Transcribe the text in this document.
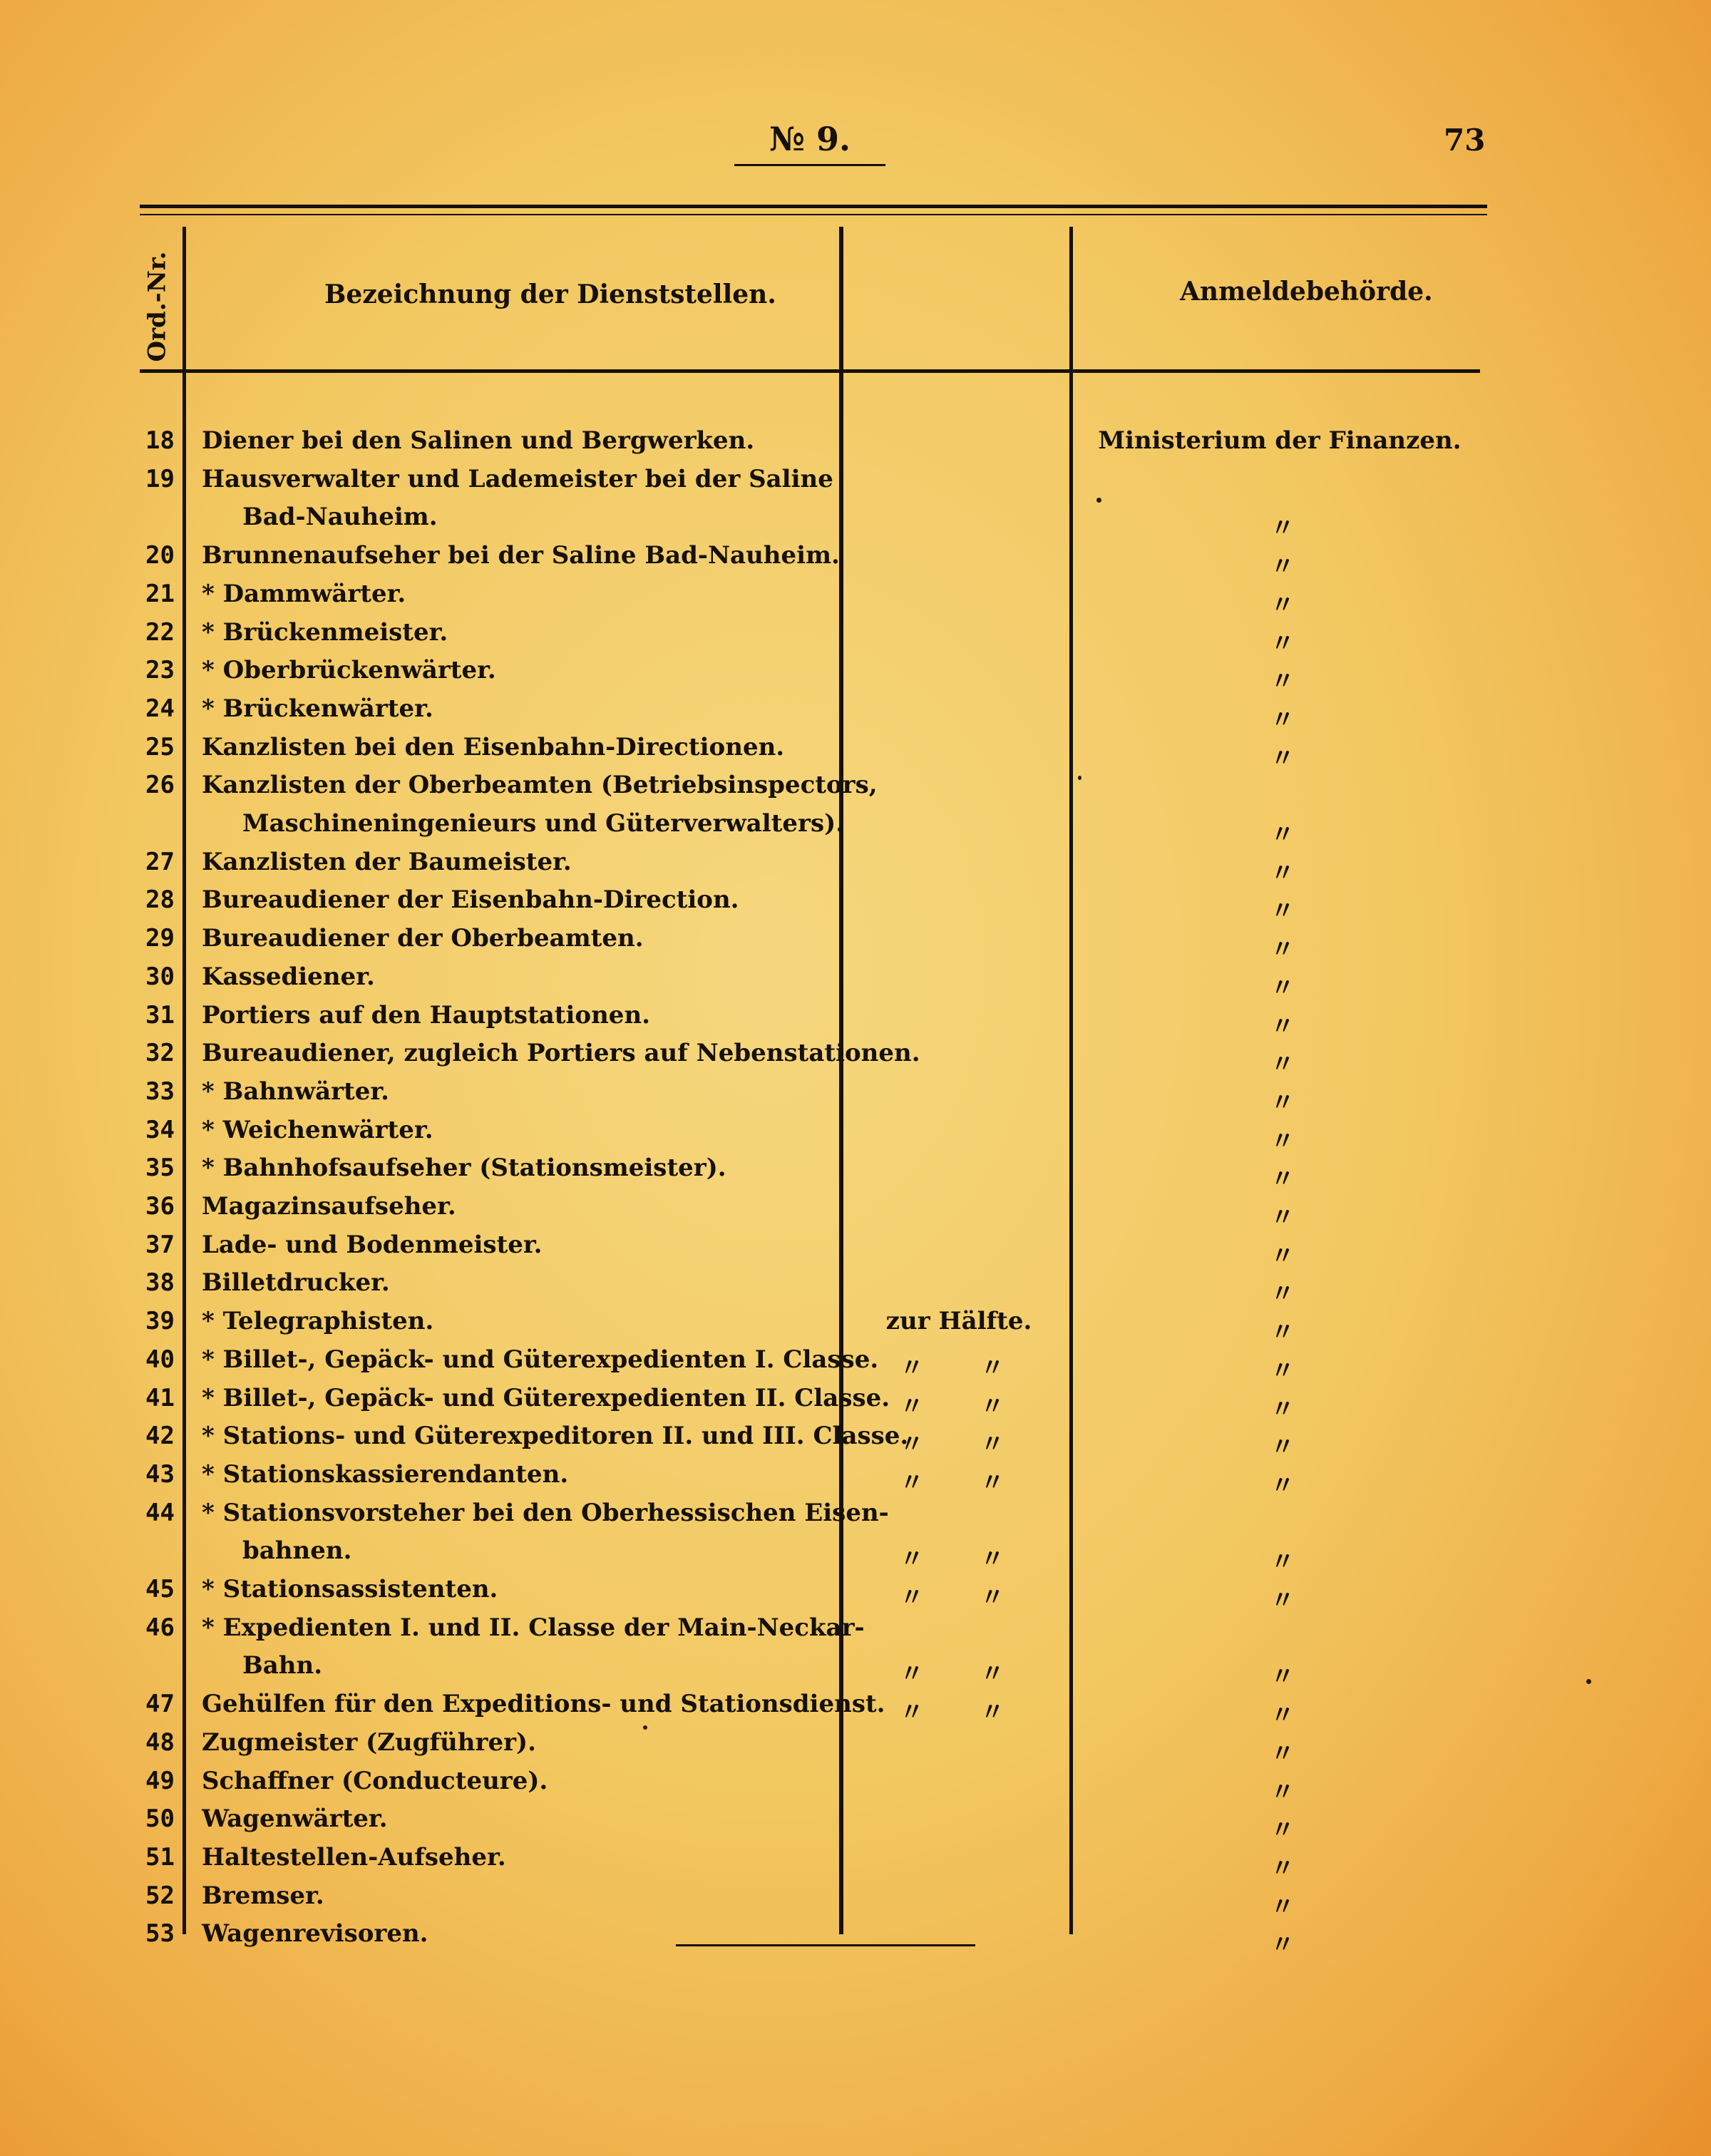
№ 9.	73
Ord.-Nr.	Bezeichnung der Dienststellen.	Anmeldebehörde.
18 Diener bei den Salinen und Bergwerken.	Ministerium der Finanzen.
19 Hausverwalter und Lademeister bei der Saline
Bad-Nauheim.	〃
20 Brunnenaufseher bei der Saline Bad-Nauheim.	〃
21 * Dammwärter.	〃
22 * Brückenmeister.	〃
23 * Oberbrückenwärter.	〃
24 * Brückenwärter.	〃
25 Kanzlisten bei den Eisenbahn-Directionen.	〃
26 Kanzlisten der Oberbeamten (Betriebsinspectors,
Maschineningenieurs und Güterverwalters).	〃
27 Kanzlisten der Baumeister.	〃
28 Bureaudiener der Eisenbahn-Direction.	〃
29 Bureaudiener der Oberbeamten.	〃
30 Kassediener.	〃
31 Portiers auf den Hauptstationen.	〃
32 Bureaudiener, zugleich Portiers auf Nebenstationen.	〃
33 * Bahnwärter.	〃
34 * Weichenwärter.	〃
35 * Bahnhofsaufseher (Stationsmeister).	〃
36 Magazinsaufseher.	〃
37 Lade- und Bodenmeister.	〃
38 Billetdrucker.	〃
39 * Telegraphisten.	zur Hälfte.	〃
40 * Billet-, Gepäck- und Güterexpedienten I. Classe. 〃 〃	〃
41 * Billet-, Gepäck- und Güterexpedienten II. Classe. 〃 〃	〃
42 * Stations- und Güterexpeditoren II. und III. Classe.
〃 〃	〃
43 * Stationskassierendanten.	〃 〃	〃
44 * Stationsvorsteher bei den Oberhessischen Eisen-
bahnen.	〃 〃	〃
45 * Stationsassistenten.	〃 〃	〃
46 * Expedienten I. und II. Classe der Main-Neckar-
Bahn.	〃 〃	〃
47 Gehülfen für den Expeditions- und Stationsdienst. 〃 〃	〃
48 Zugmeister (Zugführer).	〃
49 Schaffner (Conducteure).	〃
50 Wagenwärter.	〃
51 Haltestellen-Aufseher.	〃
52 Bremser.	〃
53 Wagenrevisoren.	〃
